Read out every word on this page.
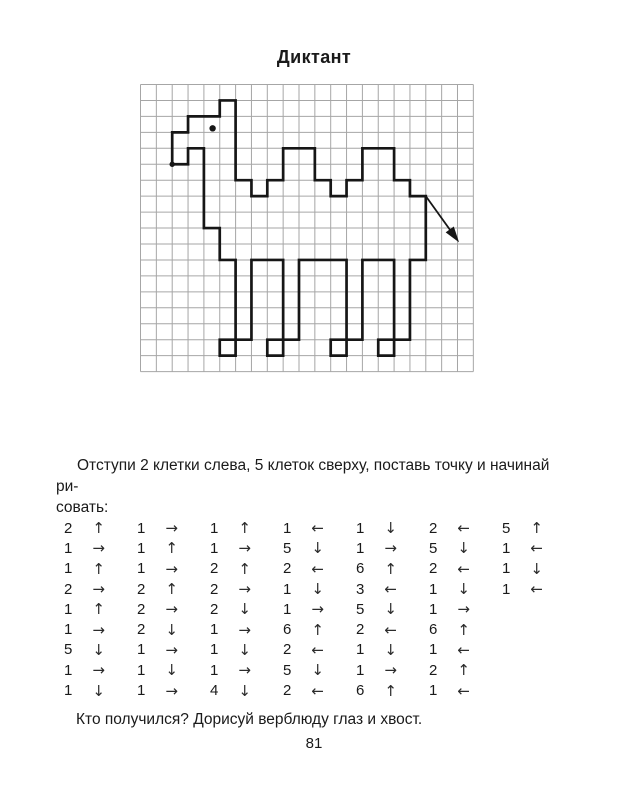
Диктант
Отступи 2 клетки слева, 5 клеток сверху, поставь точку и начинай ри-
совать:
2 ↑
1 →
1 ↑
2 →
1 ↑
1 →
5 ↓
1 →
1 ↓
1 →
1 ↑
1 →
2 ↑
2 →
2 ↓
1 →
1 ↓
1 →
1 ↑
1 →
2 ↑
2 →
2 ↓
1 →
1 ↓
1 →
4 ↓
1 ←
5 ↓
2 ←
1 ↓
1 →
6 ↑
2 ←
5 ↓
2 ←
1 ↓
1 →
6 ↑
3 ←
5 ↓
2 ←
1 ↓
1 →
6 ↑
2 ←
5 ↓
2 ←
1 ↓
1 →
6 ↑
1 ←
2 ↑
1 ←
5 ↑
1 ←
1 ↓
1 ←
Кто получился? Дорисуй верблюду глаз и хвост.
81
